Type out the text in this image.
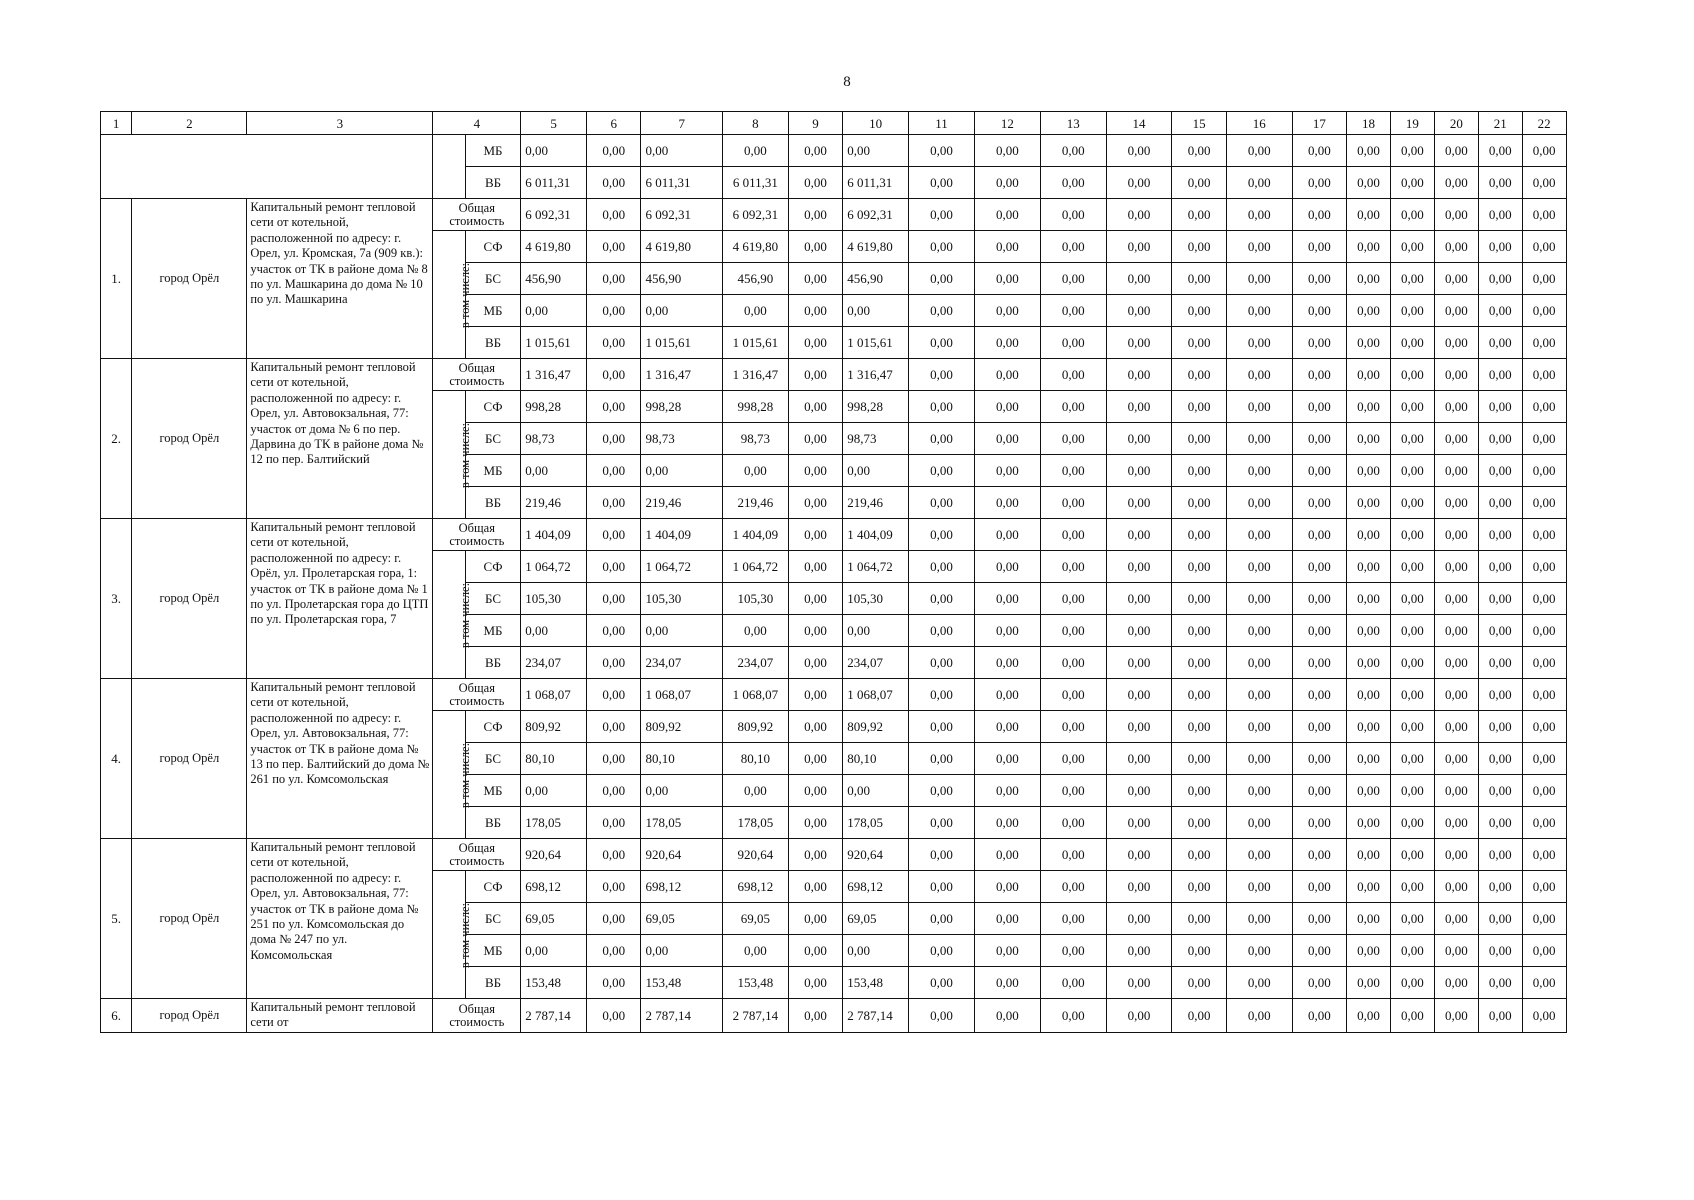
8
1	2	3	4		5	6	7	8	9	10	11	12	13	14	15	16	17	18	19	20	21	22
				МБ	0,00	0,00	0,00	0,00	0,00	0,00	0,00	0,00	0,00	0,00	0,00	0,00	0,00	0,00	0,00	0,00	0,00	0,00
				ВБ	6 011,31	0,00	6 011,31	6 011,31	0,00	6 011,31	0,00	0,00	0,00	0,00	0,00	0,00	0,00	0,00	0,00	0,00	0,00	0,00
1.	город Орёл	Капитальный ремонт тепловой сети от котельной, расположенной по адресу: г. Орел, ул. Кромская, 7а (909 кв.): участок от ТК в районе дома № 8 по ул. Машкарина до дома № 10 по ул. Машкарина	Общая стоимость		6 092,31	0,00	6 092,31	6 092,31	0,00	6 092,31	0,00	0,00	0,00	0,00	0,00	0,00	0,00	0,00	0,00	0,00	0,00	0,00
			в том числе:	СФ	4 619,80	0,00	4 619,80	4 619,80	0,00	4 619,80	0,00	0,00	0,00	0,00	0,00	0,00	0,00	0,00	0,00	0,00	0,00	0,00
				БС	456,90	0,00	456,90	456,90	0,00	456,90	0,00	0,00	0,00	0,00	0,00	0,00	0,00	0,00	0,00	0,00	0,00	0,00
				МБ	0,00	0,00	0,00	0,00	0,00	0,00	0,00	0,00	0,00	0,00	0,00	0,00	0,00	0,00	0,00	0,00	0,00	0,00
				ВБ	1 015,61	0,00	1 015,61	1 015,61	0,00	1 015,61	0,00	0,00	0,00	0,00	0,00	0,00	0,00	0,00	0,00	0,00	0,00	0,00
2.	город Орёл	Капитальный ремонт тепловой сети от котельной, расположенной по адресу: г. Орел, ул. Автовокзальная, 77: участок от дома № 6 по пер. Дарвина до ТК в районе дома № 12 по пер. Балтийский	Общая стоимость		1 316,47	0,00	1 316,47	1 316,47	0,00	1 316,47	0,00	0,00	0,00	0,00	0,00	0,00	0,00	0,00	0,00	0,00	0,00	0,00
			в том числе:	СФ	998,28	0,00	998,28	998,28	0,00	998,28	0,00	0,00	0,00	0,00	0,00	0,00	0,00	0,00	0,00	0,00	0,00	0,00
				БС	98,73	0,00	98,73	98,73	0,00	98,73	0,00	0,00	0,00	0,00	0,00	0,00	0,00	0,00	0,00	0,00	0,00	0,00
				МБ	0,00	0,00	0,00	0,00	0,00	0,00	0,00	0,00	0,00	0,00	0,00	0,00	0,00	0,00	0,00	0,00	0,00	0,00
				ВБ	219,46	0,00	219,46	219,46	0,00	219,46	0,00	0,00	0,00	0,00	0,00	0,00	0,00	0,00	0,00	0,00	0,00	0,00
3.	город Орёл	Капитальный ремонт тепловой сети от котельной, расположенной по адресу: г. Орёл, ул. Пролетарская гора, 1: участок от ТК в районе дома № 1 по ул. Пролетарская гора до ЦТП по ул. Пролетарская гора, 7	Общая стоимость		1 404,09	0,00	1 404,09	1 404,09	0,00	1 404,09	0,00	0,00	0,00	0,00	0,00	0,00	0,00	0,00	0,00	0,00	0,00	0,00
			в том числе:	СФ	1 064,72	0,00	1 064,72	1 064,72	0,00	1 064,72	0,00	0,00	0,00	0,00	0,00	0,00	0,00	0,00	0,00	0,00	0,00	0,00
				БС	105,30	0,00	105,30	105,30	0,00	105,30	0,00	0,00	0,00	0,00	0,00	0,00	0,00	0,00	0,00	0,00	0,00	0,00
				МБ	0,00	0,00	0,00	0,00	0,00	0,00	0,00	0,00	0,00	0,00	0,00	0,00	0,00	0,00	0,00	0,00	0,00	0,00
				ВБ	234,07	0,00	234,07	234,07	0,00	234,07	0,00	0,00	0,00	0,00	0,00	0,00	0,00	0,00	0,00	0,00	0,00	0,00
4.	город Орёл	Капитальный ремонт тепловой сети от котельной, расположенной по адресу: г. Орел, ул. Автовокзальная, 77: участок от ТК в районе дома № 13 по пер. Балтийский до дома № 261 по ул. Комсомольская	Общая стоимость		1 068,07	0,00	1 068,07	1 068,07	0,00	1 068,07	0,00	0,00	0,00	0,00	0,00	0,00	0,00	0,00	0,00	0,00	0,00	0,00
			в том числе:	СФ	809,92	0,00	809,92	809,92	0,00	809,92	0,00	0,00	0,00	0,00	0,00	0,00	0,00	0,00	0,00	0,00	0,00	0,00
				БС	80,10	0,00	80,10	80,10	0,00	80,10	0,00	0,00	0,00	0,00	0,00	0,00	0,00	0,00	0,00	0,00	0,00	0,00
				МБ	0,00	0,00	0,00	0,00	0,00	0,00	0,00	0,00	0,00	0,00	0,00	0,00	0,00	0,00	0,00	0,00	0,00	0,00
				ВБ	178,05	0,00	178,05	178,05	0,00	178,05	0,00	0,00	0,00	0,00	0,00	0,00	0,00	0,00	0,00	0,00	0,00	0,00
5.	город Орёл	Капитальный ремонт тепловой сети от котельной, расположенной по адресу: г. Орел, ул. Автовокзальная, 77: участок от ТК в районе дома № 251 по ул. Комсомольская до дома № 247 по ул. Комсомольская	Общая стоимость		920,64	0,00	920,64	920,64	0,00	920,64	0,00	0,00	0,00	0,00	0,00	0,00	0,00	0,00	0,00	0,00	0,00	0,00
			в том числе:	СФ	698,12	0,00	698,12	698,12	0,00	698,12	0,00	0,00	0,00	0,00	0,00	0,00	0,00	0,00	0,00	0,00	0,00	0,00
				БС	69,05	0,00	69,05	69,05	0,00	69,05	0,00	0,00	0,00	0,00	0,00	0,00	0,00	0,00	0,00	0,00	0,00	0,00
				МБ	0,00	0,00	0,00	0,00	0,00	0,00	0,00	0,00	0,00	0,00	0,00	0,00	0,00	0,00	0,00	0,00	0,00	0,00
				ВБ	153,48	0,00	153,48	153,48	0,00	153,48	0,00	0,00	0,00	0,00	0,00	0,00	0,00	0,00	0,00	0,00	0,00	0,00
6.	город Орёл	Капитальный ремонт тепловой сети от	Общая стоимость		2 787,14	0,00	2 787,14	2 787,14	0,00	2 787,14	0,00	0,00	0,00	0,00	0,00	0,00	0,00	0,00	0,00	0,00	0,00	0,00
